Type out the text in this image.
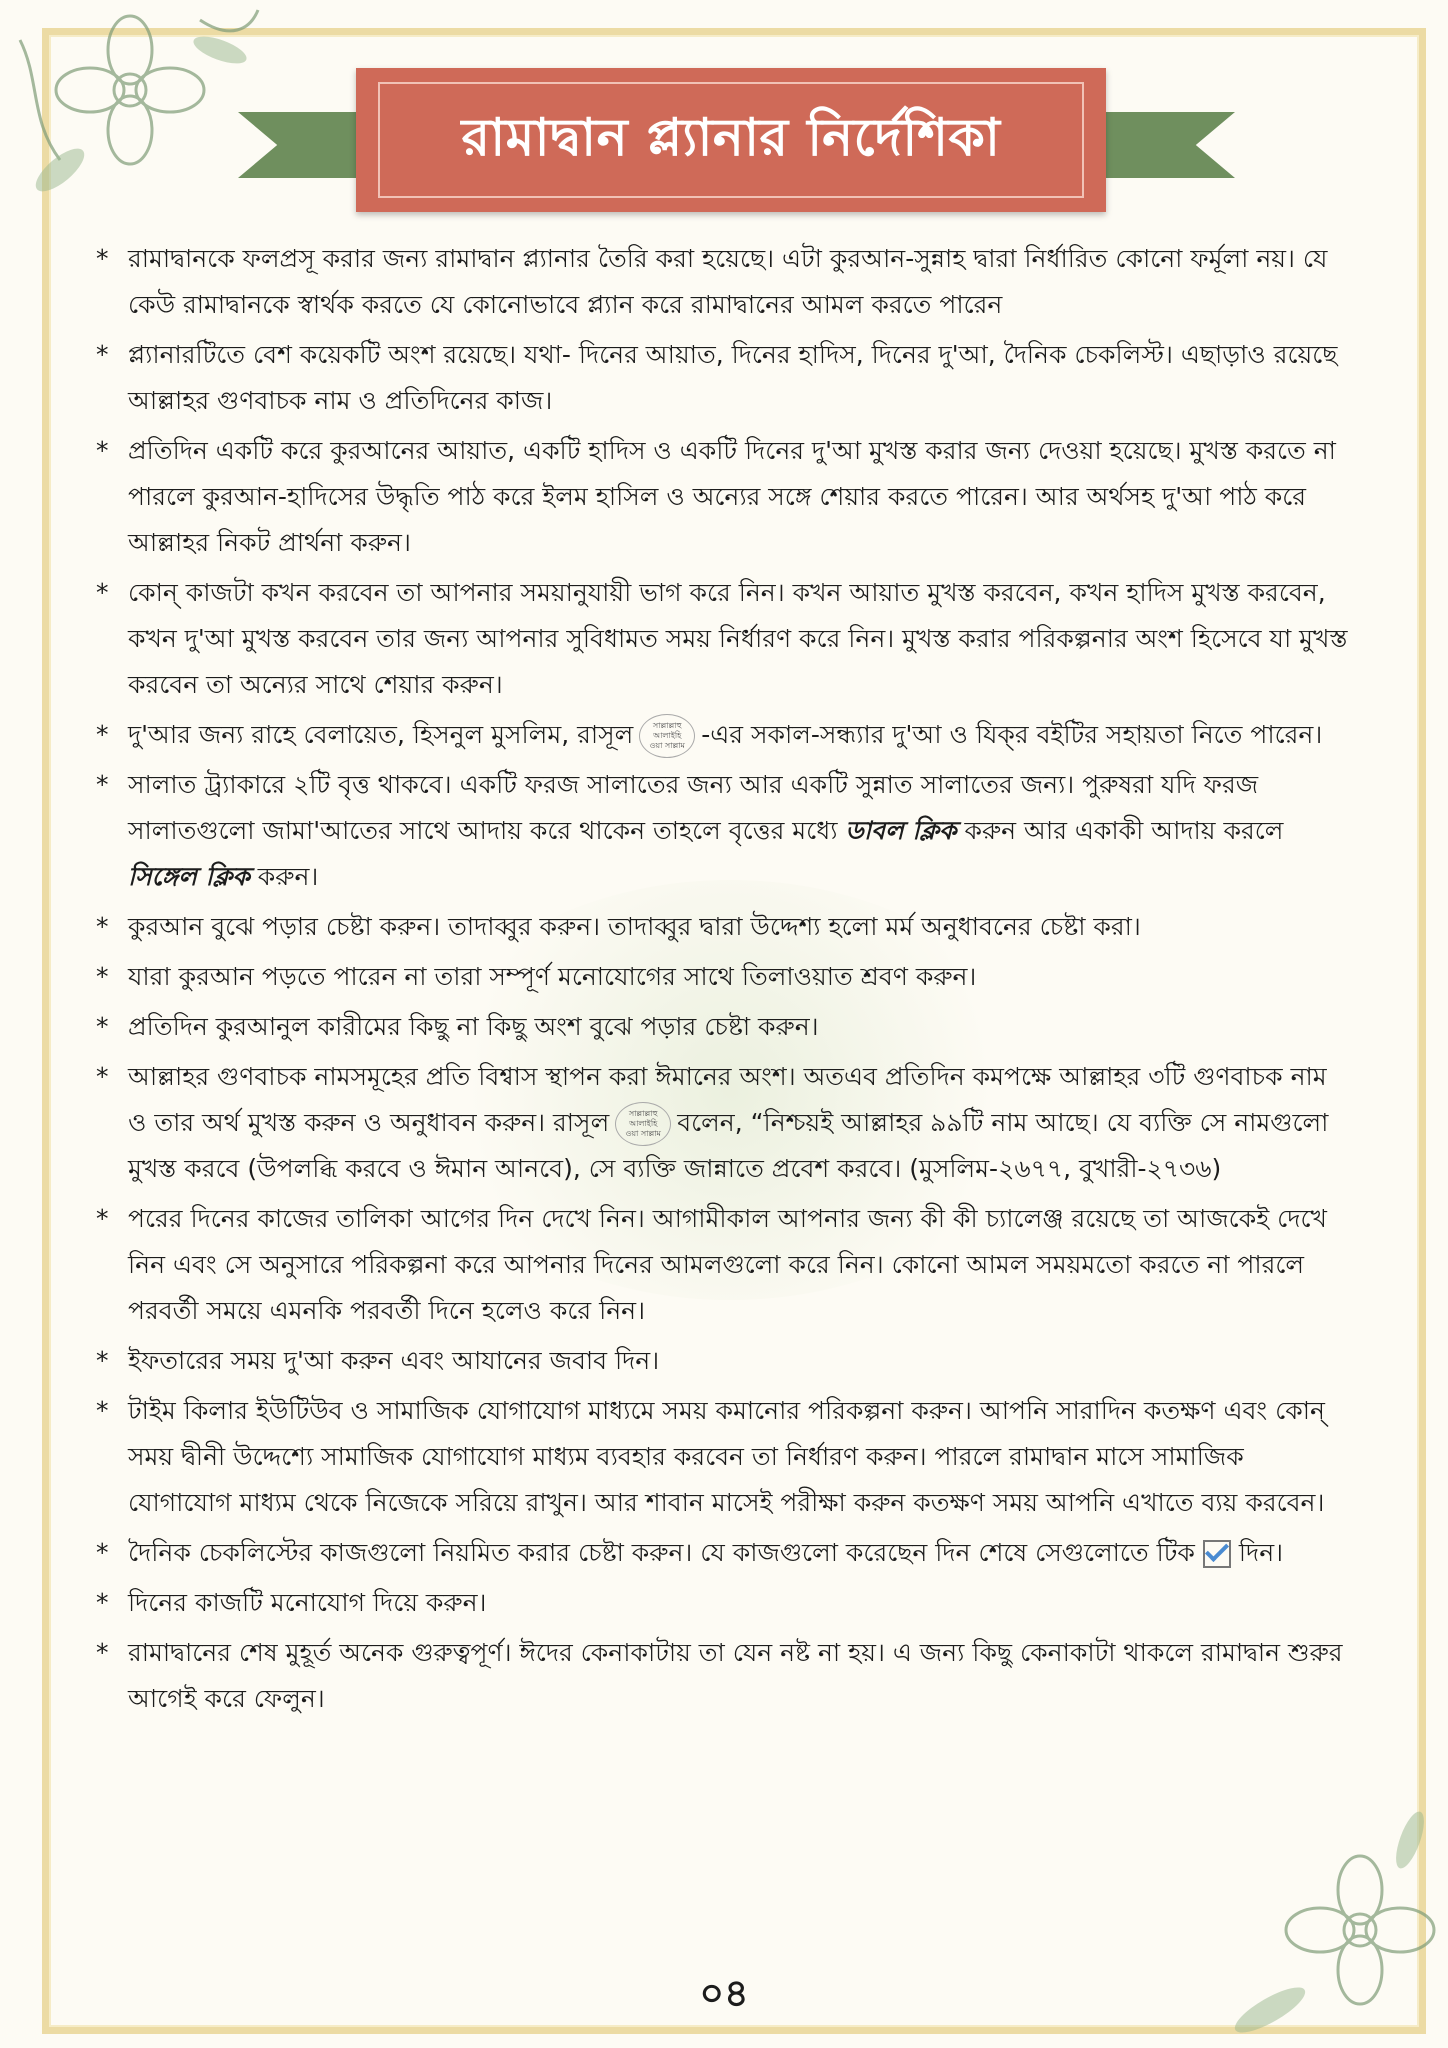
রামাদ্বান প্ল্যানার নির্দেশিকা
* রামাদ্বানকে ফলপ্রসূ করার জন্য রামাদ্বান প্ল্যানার তৈরি করা হয়েছে। এটা কুরআন-সুন্নাহ দ্বারা নির্ধারিত কোনো ফর্মূলা নয়। যে কেউ রামাদ্বানকে স্বার্থক করতে যে কোনোভাবে প্ল্যান করে রামাদ্বানের আমল করতে পারেন
* প্ল্যানারটিতে বেশ কয়েকটি অংশ রয়েছে। যথা- দিনের আয়াত, দিনের হাদিস, দিনের দু'আ, দৈনিক চেকলিস্ট। এছাড়াও রয়েছে আল্লাহর গুণবাচক নাম ও প্রতিদিনের কাজ।
* প্রতিদিন একটি করে কুরআনের আয়াত, একটি হাদিস ও একটি দিনের দু'আ মুখস্ত করার জন্য দেওয়া হয়েছে। মুখস্ত করতে না পারলে কুরআন-হাদিসের উদ্ধৃতি পাঠ করে ইলম হাসিল ও অন্যের সঙ্গে শেয়ার করতে পারেন। আর অর্থসহ দু'আ পাঠ করে আল্লাহর নিকট প্রার্থনা করুন।
* কোন্ কাজটা কখন করবেন তা আপনার সময়ানুযায়ী ভাগ করে নিন। কখন আয়াত মুখস্ত করবেন, কখন হাদিস মুখস্ত করবেন, কখন দু'আ মুখস্ত করবেন তার জন্য আপনার সুবিধামত সময় নির্ধারণ করে নিন। মুখস্ত করার পরিকল্পনার অংশ হিসেবে যা মুখস্ত করবেন তা অন্যের সাথে শেয়ার করুন।
* দু'আর জন্য রাহে বেলায়েত, হিসনুল মুসলিম, রাসূল সাল্লাল্লাহু
আলাইহি
ওয়া সাল্লাম -এর সকাল-সন্ধ্যার দু'আ ও যিক্‌র বইটির সহায়তা নিতে পারেন।
* সালাত ট্র্যাকারে ২টি বৃত্ত থাকবে। একটি ফরজ সালাতের জন্য আর একটি সুন্নাত সালাতের জন্য। পুরুষরা যদি ফরজ সালাতগুলো জামা'আতের সাথে আদায় করে থাকেন তাহলে বৃত্তের মধ্যে ডাবল ক্লিক করুন আর একাকী আদায় করলে সিঙ্গেল ক্লিক করুন।
* কুরআন বুঝে পড়ার চেষ্টা করুন। তাদাব্বুর করুন। তাদাব্বুর দ্বারা উদ্দেশ্য হলো মর্ম অনুধাবনের চেষ্টা করা।
* যারা কুরআন পড়তে পারেন না তারা সম্পূর্ণ মনোযোগের সাথে তিলাওয়াত শ্রবণ করুন।
* প্রতিদিন কুরআনুল কারীমের কিছু না কিছু অংশ বুঝে পড়ার চেষ্টা করুন।
* আল্লাহর গুণবাচক নামসমূহের প্রতি বিশ্বাস স্থাপন করা ঈমানের অংশ। অতএব প্রতিদিন কমপক্ষে আল্লাহর ৩টি গুণবাচক নাম ও তার অর্থ মুখস্ত করুন ও অনুধাবন করুন। রাসূল সাল্লাল্লাহু
আলাইহি
ওয়া সাল্লাম বলেন, “নিশ্চয়ই আল্লাহর ৯৯টি নাম আছে। যে ব্যক্তি সে নামগুলো মুখস্ত করবে (উপলব্ধি করবে ও ঈমান আনবে), সে ব্যক্তি জান্নাতে প্রবেশ করবে। (মুসলিম-২৬৭৭, বুখারী-২৭৩৬)
* পরের দিনের কাজের তালিকা আগের দিন দেখে নিন। আগামীকাল আপনার জন্য কী কী চ্যালেঞ্জ রয়েছে তা আজকেই দেখে নিন এবং সে অনুসারে পরিকল্পনা করে আপনার দিনের আমলগুলো করে নিন। কোনো আমল সময়মতো করতে না পারলে পরবর্তী সময়ে এমনকি পরবর্তী দিনে হলেও করে নিন।
* ইফতারের সময় দু'আ করুন এবং আযানের জবাব দিন।
* টাইম কিলার ইউটিউব ও সামাজিক যোগাযোগ মাধ্যমে সময় কমানোর পরিকল্পনা করুন। আপনি সারাদিন কতক্ষণ এবং কোন্ সময় দ্বীনী উদ্দেশ্যে সামাজিক যোগাযোগ মাধ্যম ব্যবহার করবেন তা নির্ধারণ করুন। পারলে রামাদ্বান মাসে সামাজিক যোগাযোগ মাধ্যম থেকে নিজেকে সরিয়ে রাখুন। আর শাবান মাসেই পরীক্ষা করুন কতক্ষণ সময় আপনি এখাতে ব্যয় করবেন।
* দৈনিক চেকলিস্টের কাজগুলো নিয়মিত করার চেষ্টা করুন। যে কাজগুলো করেছেন দিন শেষে সেগুলোতে টিক দিন।
* দিনের কাজটি মনোযোগ দিয়ে করুন।
* রামাদ্বানের শেষ মুহূর্ত অনেক গুরুত্বপূর্ণ। ঈদের কেনাকাটায় তা যেন নষ্ট না হয়। এ জন্য কিছু কেনাকাটা থাকলে রামাদ্বান শুরুর আগেই করে ফেলুন।
০৪
